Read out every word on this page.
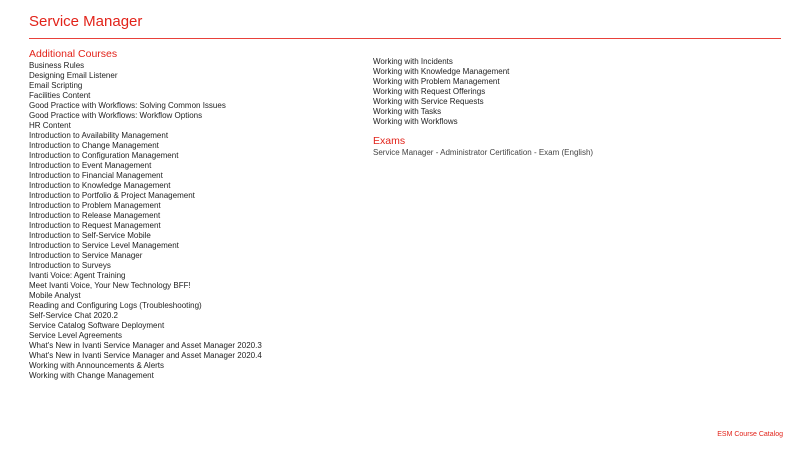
Service Manager
Additional Courses
Business Rules
Designing Email Listener
Email Scripting
Facilities Content
Good Practice with Workflows: Solving Common Issues
Good Practice with Workflows: Workflow Options
HR Content
Introduction to Availability Management
Introduction to Change Management
Introduction to Configuration Management
Introduction to Event Management
Introduction to Financial Management
Introduction to Knowledge Management
Introduction to Portfolio & Project Management
Introduction to Problem Management
Introduction to Release Management
Introduction to Request Management
Introduction to Self-Service Mobile
Introduction to Service Level Management
Introduction to Service Manager
Introduction to Surveys
Ivanti Voice: Agent Training
Meet Ivanti Voice, Your New Technology BFF!
Mobile Analyst
Reading and Configuring Logs (Troubleshooting)
Self-Service Chat 2020.2
Service Catalog Software Deployment
Service Level Agreements
What's New in Ivanti Service Manager and Asset Manager 2020.3
What's New in Ivanti Service Manager and Asset Manager 2020.4
Working with Announcements & Alerts
Working with Change Management
Working with Incidents
Working with Knowledge Management
Working with Problem Management
Working with Request Offerings
Working with Service Requests
Working with Tasks
Working with Workflows
Exams
Service Manager - Administrator Certification - Exam (English)
ESM Course Catalog
